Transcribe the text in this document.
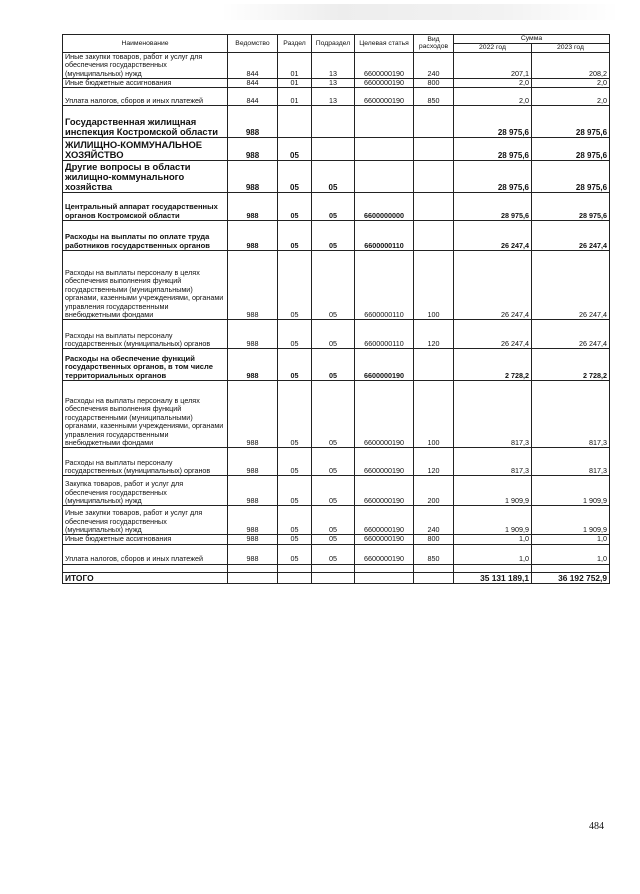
Наименование	Ведомство	Раздел	Подраздел	Целевая статья	Вид расходов	Сумма	
						2022 год	2023 год
Иные закупки товаров, работ и услуг для обеспечения государственных (муниципальных) нужд	844	01	13	6600000190	240	207,1	208,2
Иные бюджетные ассигнования	844	01	13	6600000190	800	2,0	2,0
Уплата налогов, сборов и иных платежей	844	01	13	6600000190	850	2,0	2,0
Государственная жилищная инспекция Костромской области	988					28 975,6	28 975,6
ЖИЛИЩНО-КОММУНАЛЬНОЕ ХОЗЯЙСТВО	988	05				28 975,6	28 975,6
Другие вопросы в области жилищно-коммунального хозяйства	988	05	05			28 975,6	28 975,6
Центральный аппарат государственных органов Костромской области	988	05	05	6600000000		28 975,6	28 975,6
Расходы на выплаты по оплате труда работников государственных органов	988	05	05	6600000110		26 247,4	26 247,4
Расходы на выплаты персоналу в целях обеспечения выполнения функций государственными (муниципальными) органами, казенными учреждениями, органами управления государственными внебюджетными фондами	988	05	05	6600000110	100	26 247,4	26 247,4
Расходы на выплаты персоналу государственных (муниципальных) органов	988	05	05	6600000110	120	26 247,4	26 247,4
Расходы на обеспечение функций государственных органов, в том числе территориальных органов	988	05	05	6600000190		2 728,2	2 728,2
Расходы на выплаты персоналу в целях обеспечения выполнения функций государственными (муниципальными) органами, казенными учреждениями, органами управления государственными внебюджетными фондами	988	05	05	6600000190	100	817,3	817,3
Расходы на выплаты персоналу государственных (муниципальных) органов	988	05	05	6600000190	120	817,3	817,3
Закупка товаров, работ и услуг для обеспечения государственных (муниципальных) нужд	988	05	05	6600000190	200	1 909,9	1 909,9
Иные закупки товаров, работ и услуг для обеспечения государственных (муниципальных) нужд	988	05	05	6600000190	240	1 909,9	1 909,9
Иные бюджетные ассигнования	988	05	05	6600000190	800	1,0	1,0
Уплата налогов, сборов и иных платежей	988	05	05	6600000190	850	1,0	1,0

ИТОГО						35 131 189,1	36 192 752,9
484
